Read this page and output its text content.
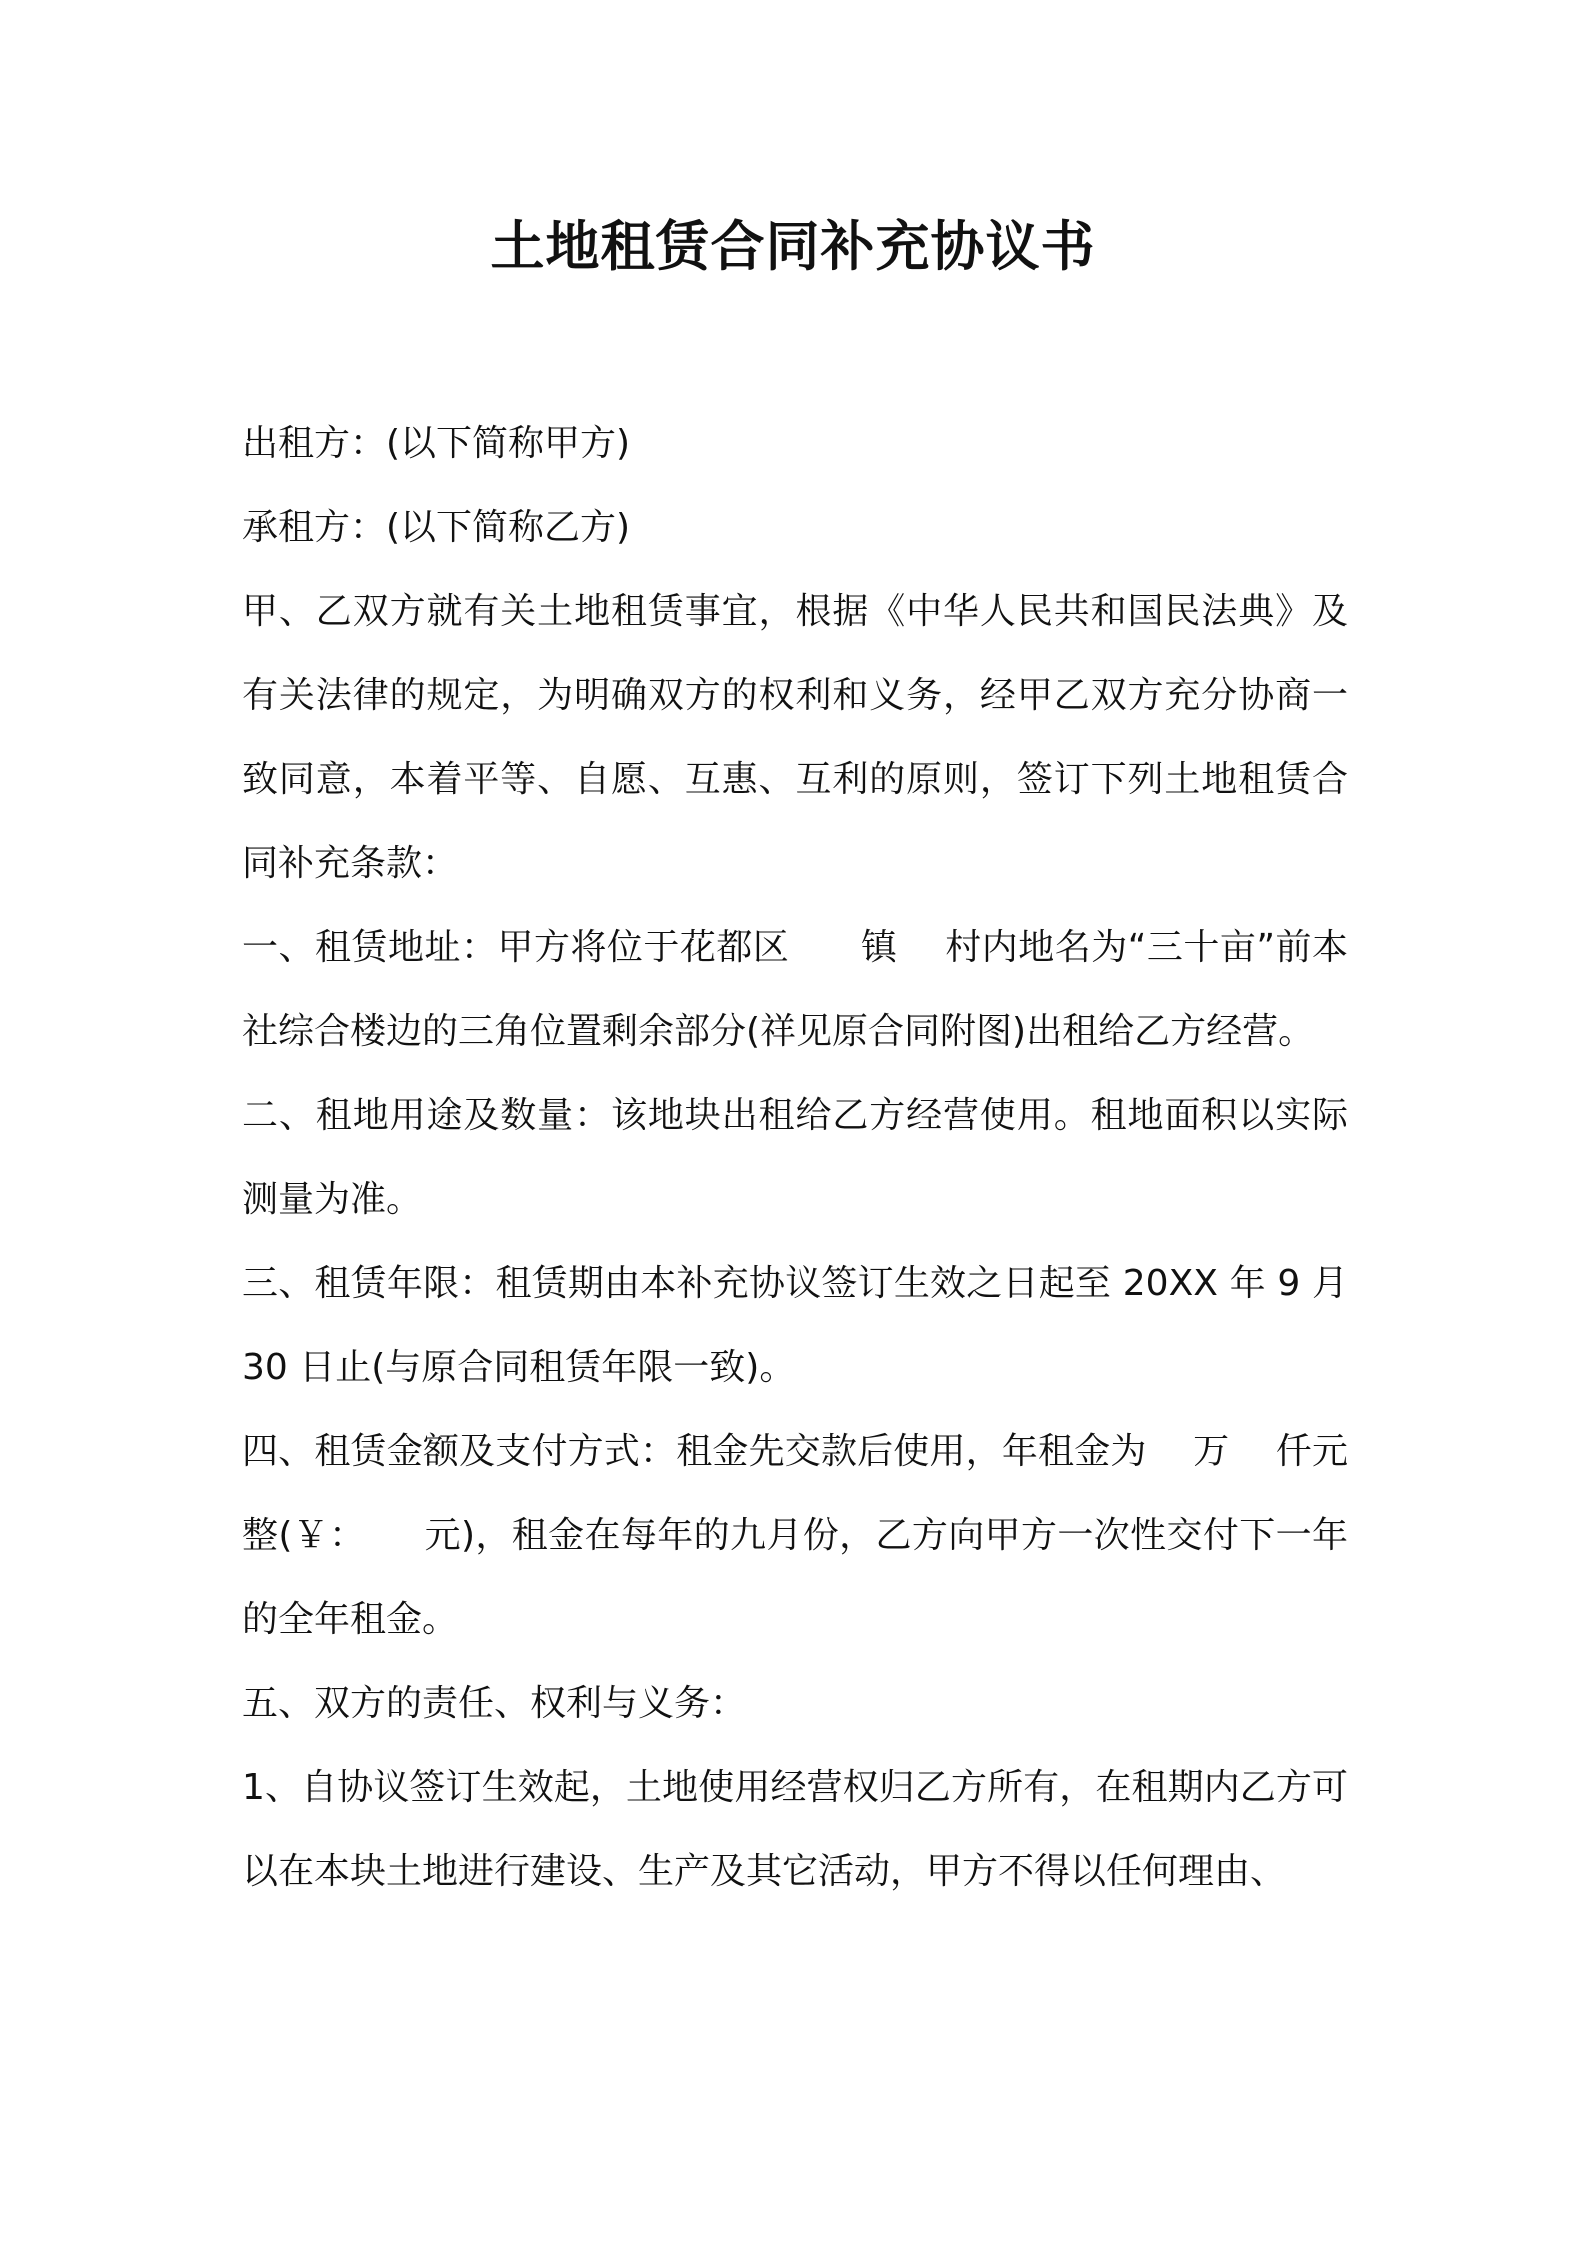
土地租赁合同补充协议书

出租方：(以下简称甲方)

承租方：(以下简称乙方)

甲、乙双方就有关土地租赁事宜，根据《中华人民共和国民法典》及有关法律的规定，为明确双方的权利和义务，经甲乙双方充分协商一致同意，本着平等、自愿、互惠、互利的原则，签订下列土地租赁合同补充条款：

一、租赁地址：甲方将位于花都区      镇    村内地名为“三十亩”前本社综合楼边的三角位置剩余部分(祥见原合同附图)出租给乙方经营。

二、租地用途及数量：该地块出租给乙方经营使用。租地面积以实际测量为准。

三、租赁年限：租赁期由本补充协议签订生效之日起至 20XX 年 9 月 30 日止(与原合同租赁年限一致)。

四、租赁金额及支付方式：租金先交款后使用，年租金为    万    仟元整(￥：     元)，租金在每年的九月份，乙方向甲方一次性交付下一年的全年租金。

五、双方的责任、权利与义务：

1、自协议签订生效起，土地使用经营权归乙方所有，在租期内乙方可以在本块土地进行建设、生产及其它活动，甲方不得以任何理由、
